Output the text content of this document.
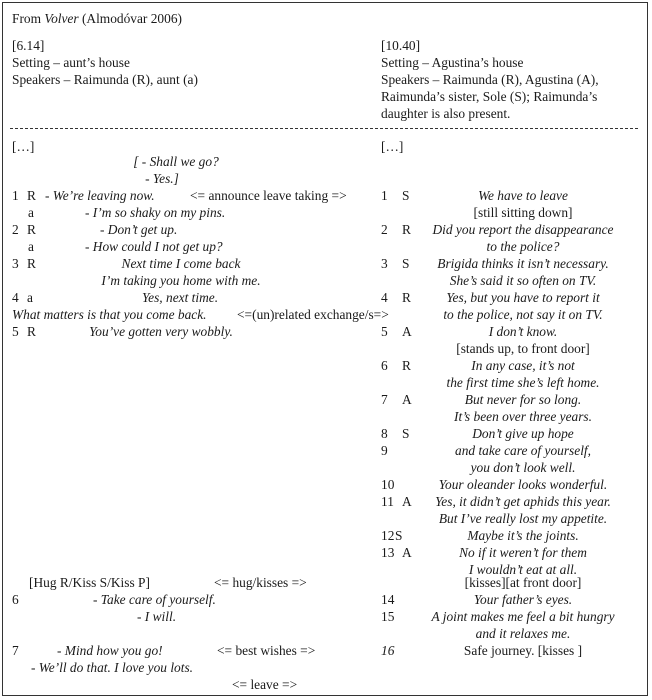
From Volver (Almodóvar 2006)
[6.14]
Setting – aunt’s house
Speakers – Raimunda (R), aunt (a)
[10.40]
Setting – Agustina’s house
Speakers – Raimunda (R), Agustina (A),
Raimunda’s sister, Sole (S); Raimunda’s
daughter is also present.
[…]	[…]
[ - Shall we go?
- Yes.]
1 R - We’re leaving now.	<= announce leave taking =>
a	- I’m so shaky on my pins.
2 R	- Don’t get up.
a	- How could I not get up?
3 R	Next time I come back
I’m taking you home with me.
4 a	Yes, next time.
What matters is that you come back. <=(un)related exchange/s=>
5 R	You’ve gotten very wobbly.
[Hug R/Kiss S/Kiss P]	<= hug/kisses =>
6	- Take care of yourself.
- I will.
7	- Mind how you go!	<= best wishes =>
- We’ll do that. I love you lots.
<= leave =>
1 S	We have to leave
[still sitting down]
2 R Did you report the disappearance
to the police?
3 S Brigida thinks it isn’t necessary.
She’s said it so often on TV.
4 R	Yes, but you have to report it
to the police, not say it on TV.
5 A	I don’t know.
[stands up, to front door]
6 R	In any case, it’s not
the first time she’s left home.
7 A	But never for so long.
It’s been over three years.
8 S	Don’t give up hope
9	and take care of yourself,
you don’t look well.
10	Your oleander looks wonderful.
11 A Yes, it didn’t get aphids this year.
But I’ve really lost my appetite.
12 S	Maybe it’s the joints.
13 A	No if it weren’t for them
I wouldn’t eat at all.
[kisses][at front door]
14	Your father’s eyes.
15	A joint makes me feel a bit hungry
and it relaxes me.
16	Safe journey. [kisses ]
